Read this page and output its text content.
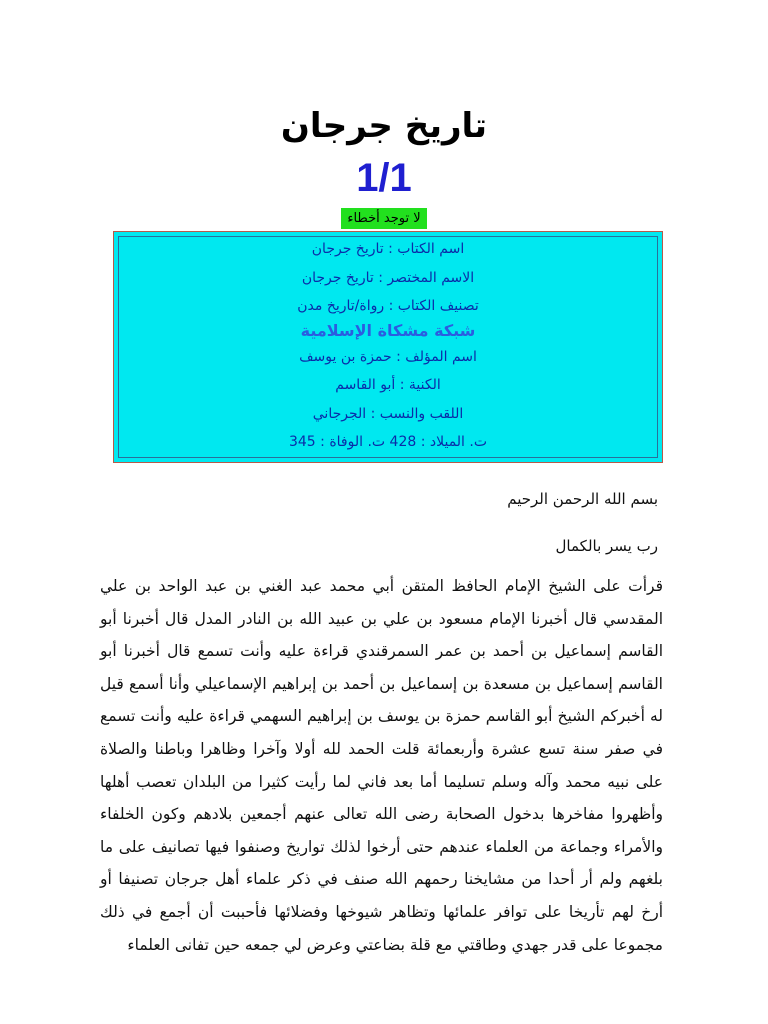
تاريخ جرجان
1/1
لا توجد أخطاء
اسم الكتاب : تاريخ جرجان
الاسم المختصر : تاريخ جرجان
تصنيف الكتاب : رواة/تاريخ مدن
شبكة مشكاة الإسلامية
اسم المؤلف : حمزة بن يوسف
الكنية : أبو القاسم
اللقب والنسب : الجرجاني
ت. الميلاد : 428 ت. الوفاة : 345
بسم الله الرحمن الرحيم
رب يسر بالكمال
قرأت على الشيخ الإمام الحافظ المتقن أبي محمد عبد الغني بن عبد الواحد بن علي المقدسي قال أخبرنا الإمام مسعود بن علي بن عبيد الله بن النادر المدل قال أخبرنا أبو القاسم إسماعيل بن أحمد بن عمر السمرقندي قراءة عليه وأنت تسمع قال أخبرنا أبو القاسم إسماعيل بن مسعدة بن إسماعيل بن أحمد بن إبراهيم الإسماعيلي وأنا أسمع قيل له أخبركم الشيخ أبو القاسم حمزة بن يوسف بن إبراهيم السهمي قراءة عليه وأنت تسمع في صفر سنة تسع عشرة وأربعمائة قلت الحمد لله أولا وآخرا وظاهرا وباطنا والصلاة على نبيه محمد وآله وسلم تسليما أما بعد فاني لما رأيت كثيرا من البلدان تعصب أهلها وأظهروا مفاخرها بدخول الصحابة رضى الله تعالى عنهم أجمعين بلادهم وكون الخلفاء والأمراء وجماعة من العلماء عندهم حتى أرخوا لذلك تواريخ وصنفوا فيها تصانيف على ما بلغهم ولم أر أحدا من مشايخنا رحمهم الله صنف في ذكر علماء أهل جرجان تصنيفا أو أرخ لهم تأريخا على توافر علمائها وتظاهر شيوخها وفضلائها فأحببت أن أجمع في ذلك مجموعا على قدر جهدي وطاقتي مع قلة بضاعتي وعرض لي جمعه حين تفانى العلماء
